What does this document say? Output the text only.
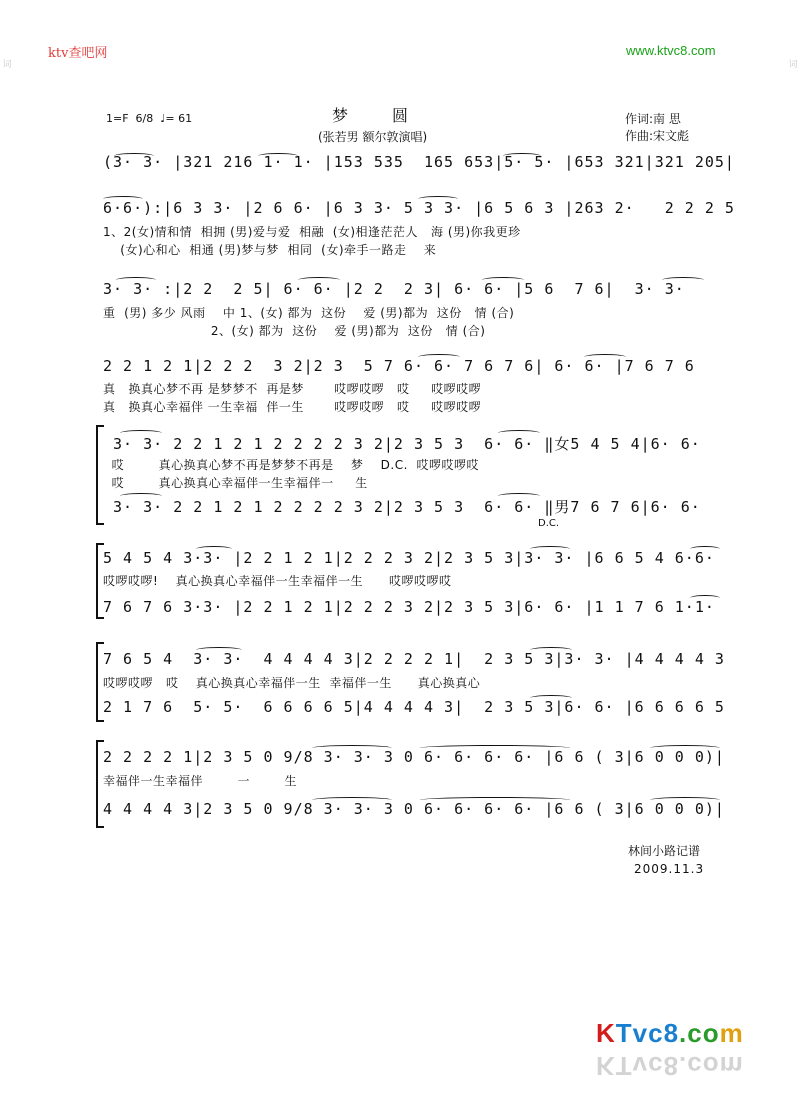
ktv查吧网	www.ktvc8.com
词	词
梦圆
1=F  6/8  ♩= 61
(张若男 额尔敦演唱)
作词:南 思
作曲:宋文彪
(3· 3· |321 216 1· 1· |153 535  165 653|5· 5· |653 321|321 205|
6·6·):|6 3 3· |2 6 6· |6 3 3· 5 3 3· |6 5 6 3 |263 2·   2 2 2 5
1、2(女)情和情  相拥 (男)爱与爱  相融  (女)相逢茫茫人   海 (男)你我更珍
(女)心和心  相通 (男)梦与梦  相同  (女)牵手一路走    来
3· 3· :|2 2  2 5| 6· 6· |2 2  2 3| 6· 6· |5 6  7 6|  3· 3·
重  (男) 多少 风雨    中 1、(女) 都为  这份    爱 (男)都为  这份   情 (合)
2、(女) 都为  这份    爱 (男)都为  这份   情 (合)
2 2 1 2 1|2 2 2  3 2|2 3  5 7 6· 6· 7 6 7 6| 6· 6· |7 6 7 6
真   换真心梦不再 是梦梦不  再是梦       哎啰哎啰   哎     哎啰哎啰
真   换真心幸福伴 一生幸福  伴一生       哎啰哎啰   哎     哎啰哎啰
3· 3· 2 2 1 2 1 2 2 2 2 3 2|2 3 5 3  6· 6· ‖女5 4 5 4|6· 6·
哎        真心换真心梦不再是梦梦不再是    梦    D.C.  哎啰哎啰哎
哎        真心换真心幸福伴一生幸福伴一     生
3· 3· 2 2 1 2 1 2 2 2 2 3 2|2 3 5 3  6· 6· ‖男7 6 7 6|6· 6·
D.C.
5 4 5 4 3·3· |2 2 1 2 1|2 2 2 3 2|2 3 5 3|3· 3· |6 6 5 4 6·6·
哎啰哎啰!    真心换真心幸福伴一生幸福伴一生      哎啰哎啰哎
7 6 7 6 3·3· |2 2 1 2 1|2 2 2 3 2|2 3 5 3|6· 6· |1 1 7 6 1·1·
7 6 5 4  3· 3·  4 4 4 4 3|2 2 2 2 1|  2 3 5 3|3· 3· |4 4 4 4 3
哎啰哎啰   哎    真心换真心幸福伴一生  幸福伴一生      真心换真心
2 1 7 6  5· 5·  6 6 6 6 5|4 4 4 4 3|  2 3 5 3|6· 6· |6 6 6 6 5
2 2 2 2 1|2 3 5 0 9/8 3· 3· 3 0 6· 6· 6· 6· |6 6 ( 3|6 0 0 0)|
幸福伴一生幸福伴        一        生
4 4 4 4 3|2 3 5 0 9/8 3· 3· 3 0 6· 6· 6· 6· |6 6 ( 3|6 0 0 0)|
林间小路记谱
2009.11.3
KTvc8.com
KTvc8.com
